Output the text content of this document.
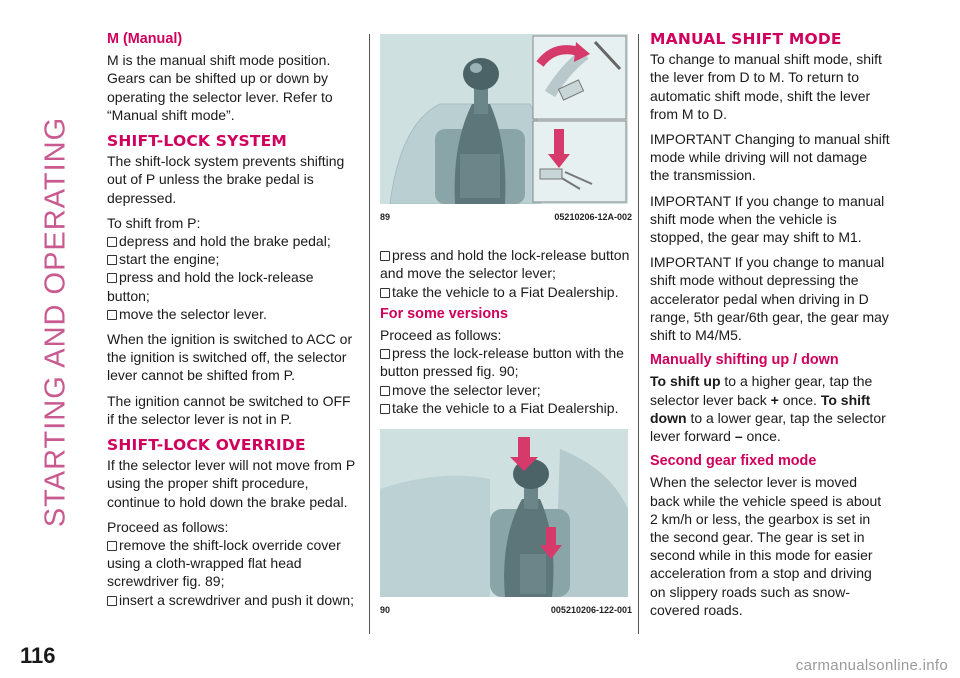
STARTING AND OPERATING
116	carmanualsonline.info
M (Manual)

M is the manual shift mode position. Gears can be shifted up or down by operating the selector lever. Refer to “Manual shift mode”.

SHIFT-LOCK SYSTEM

The shift-lock system prevents shifting out of P unless the brake pedal is depressed.

To shift from P:

depress and hold the brake pedal;
start the engine;
press and hold the lock-release button;
move the selector lever.

When the ignition is switched to ACC or the ignition is switched off, the selector lever cannot be shifted from P.

The ignition cannot be switched to OFF if the selector lever is not in P.

SHIFT-LOCK OVERRIDE

If the selector lever will not move from P using the proper shift procedure, continue to hold down the brake pedal.

Proceed as follows:

remove the shift-lock override cover using a cloth-wrapped flat head screwdriver fig. 89;
insert a screwdriver and push it down;
89	05210206-12A-002
press and hold the lock-release button and move the selector lever;
take the vehicle to a Fiat Dealership.
For some versions

Proceed as follows:

press the lock-release button with the button pressed fig. 90;
move the selector lever;
take the vehicle to a Fiat Dealership.
90	005210206-122-001
MANUAL SHIFT MODE

To change to manual shift mode, shift the lever from D to M. To return to automatic shift mode, shift the lever from M to D.

IMPORTANT Changing to manual shift mode while driving will not damage the transmission.

IMPORTANT If you change to manual shift mode when the vehicle is stopped, the gear may shift to M1.

IMPORTANT If you change to manual shift mode without depressing the accelerator pedal when driving in D range, 5th gear/6th gear, the gear may shift to M4/M5.

Manually shifting up / down

To shift up to a higher gear, tap the selector lever back + once. To shift down to a lower gear, tap the selector lever forward – once.

Second gear fixed mode

When the selector lever is moved back while the vehicle speed is about 2 km/h or less, the gearbox is set in the second gear. The gear is set in second while in this mode for easier acceleration from a stop and driving on slippery roads such as snow-covered roads.
